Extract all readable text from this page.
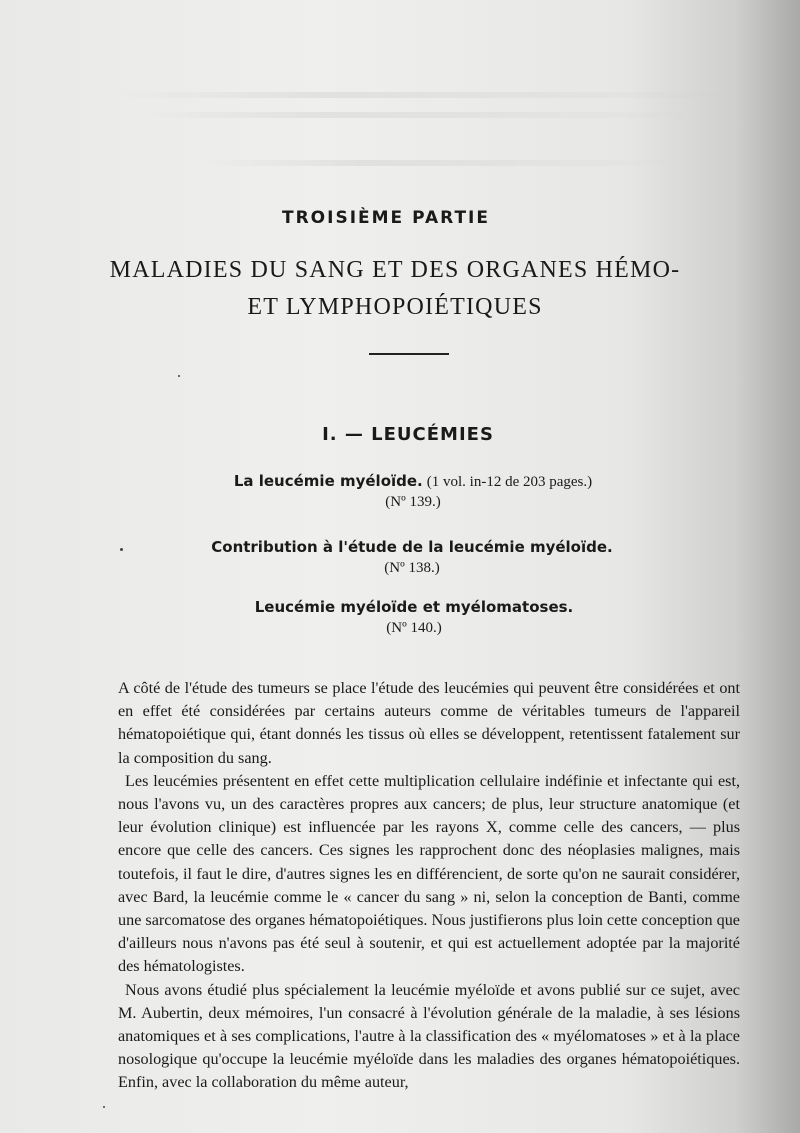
TROISIÈME PARTIE
MALADIES DU SANG ET DES ORGANES HÉMO-
ET LYMPHOPOIÉTIQUES
I. — LEUCÉMIES
La leucémie myéloïde. (1 vol. in-12 de 203 pages.)
(Nº 139.)
Contribution à l'étude de la leucémie myéloïde.
(Nº 138.)
Leucémie myéloïde et myélomatoses.
(Nº 140.)

A côté de l'étude des tumeurs se place l'étude des leucémies qui peuvent être considérées et ont en effet été considérées par certains auteurs comme de véritables tumeurs de l'appareil hématopoiétique qui, étant donnés les tissus où elles se développent, retentissent fatalement sur la composition du sang.

Les leucémies présentent en effet cette multiplication cellulaire indéfinie et infectante qui est, nous l'avons vu, un des caractères propres aux cancers; de plus, leur structure anatomique (et leur évolution clinique) est influencée par les rayons X, comme celle des cancers, — plus encore que celle des cancers. Ces signes les rapprochent donc des néoplasies malignes, mais toutefois, il faut le dire, d'autres signes les en différencient, de sorte qu'on ne saurait considérer, avec Bard, la leucémie comme le « cancer du sang » ni, selon la conception de Banti, comme une sarcomatose des organes hématopoiétiques. Nous justifierons plus loin cette conception que d'ailleurs nous n'avons pas été seul à soutenir, et qui est actuellement adoptée par la majorité des hématologistes.

Nous avons étudié plus spécialement la leucémie myéloïde et avons publié sur ce sujet, avec M. Aubertin, deux mémoires, l'un consacré à l'évolution générale de la maladie, à ses lésions anatomiques et à ses complications, l'autre à la classification des « myélomatoses » et à la place nosologique qu'occupe la leucémie myéloïde dans les maladies des organes hématopoiétiques. Enfin, avec la collaboration du même auteur,
